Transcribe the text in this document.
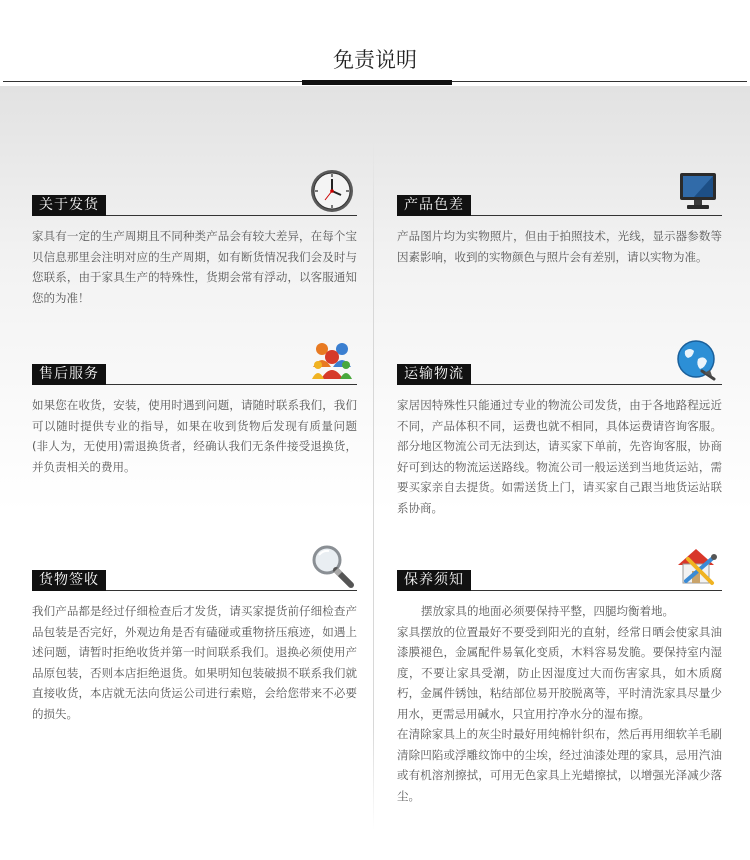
免责说明
关于发货

家具有一定的生产周期且不同种类产品会有较大差异，在每个宝贝信息那里会注明对应的生产周期，如有断货情况我们会及时与您联系，由于家具生产的特殊性，货期会常有浮动，以客服通知您的为准！

产品色差

产品图片均为实物照片，但由于拍照技术，光线，显示器参数等因素影响，收到的实物颜色与照片会有差别，请以实物为准。

售后服务

如果您在收货，安装，使用时遇到问题，请随时联系我们，我们可以随时提供专业的指导，如果在收到货物后发现有质量问题(非人为，无使用)需退换货者，经确认我们无条件接受退换货，并负责相关的费用。

运输物流

家居因特殊性只能通过专业的物流公司发货，由于各地路程远近不同，产品体积不同，运费也就不相同，具体运费请咨询客服。部分地区物流公司无法到达，请买家下单前，先咨询客服，协商好可到达的物流运送路线。物流公司一般运送到当地货运站，需要买家亲自去提货。如需送货上门，请买家自己跟当地货运站联系协商。

货物签收

我们产品都是经过仔细检查后才发货，请买家提货前仔细检查产品包装是否完好，外观边角是否有磕碰或重物挤压痕迹，如遇上述问题，请暂时拒绝收货并第一时间联系我们。退换必须使用产品原包装，否则本店拒绝退货。如果明知包装破损不联系我们就直接收货，本店就无法向货运公司进行索赔，会给您带来不必要的损失。

保养须知

摆放家具的地面必须要保持平整，四腿均衡着地。

家具摆放的位置最好不要受到阳光的直射，经常日晒会使家具油漆膜褪色，金属配件易氧化变质，木料容易发脆。要保持室内湿度，不要让家具受潮，防止因湿度过大而伤害家具，如木质腐朽，金属件锈蚀，粘结部位易开胶脱离等，平时清洗家具尽量少用水，更需忌用碱水，只宜用拧净水分的湿布擦。

在清除家具上的灰尘时最好用纯棉针织布，然后再用细软羊毛刷清除凹陷或浮雕纹饰中的尘埃，经过油漆处理的家具，忌用汽油或有机溶剂擦拭，可用无色家具上光蜡擦拭，以增强光泽减少落尘。
